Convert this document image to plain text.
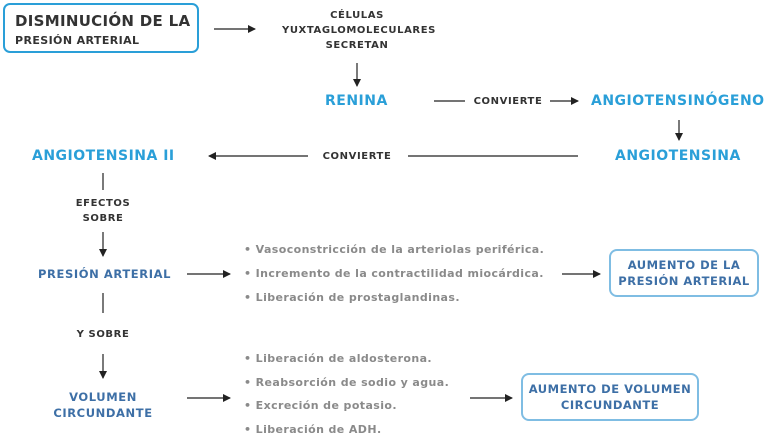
DISMINUCIÓN DE LA
PRESIÓN ARTERIAL
CÉLULAS
YUXTAGLOMOLECULARES
SECRETAN
RENINA	CONVIERTE	ANGIOTENSINÓGENO
ANGIOTENSINA
CONVIERTE
ANGIOTENSINA II
EFECTOS
SOBRE
PRESIÓN ARTERIAL
• Vasoconstricción de la arteriolas periférica.
• Incremento de la contractilidad miocárdica.
• Liberación de prostaglandinas.
AUMENTO DE LA
PRESIÓN ARTERIAL
Y SOBRE
VOLUMEN
CIRCUNDANTE
• Liberación de aldosterona.
• Reabsorción de sodio y agua.
• Excreción de potasio.
• Liberación de ADH.
AUMENTO DE VOLUMEN
CIRCUNDANTE
